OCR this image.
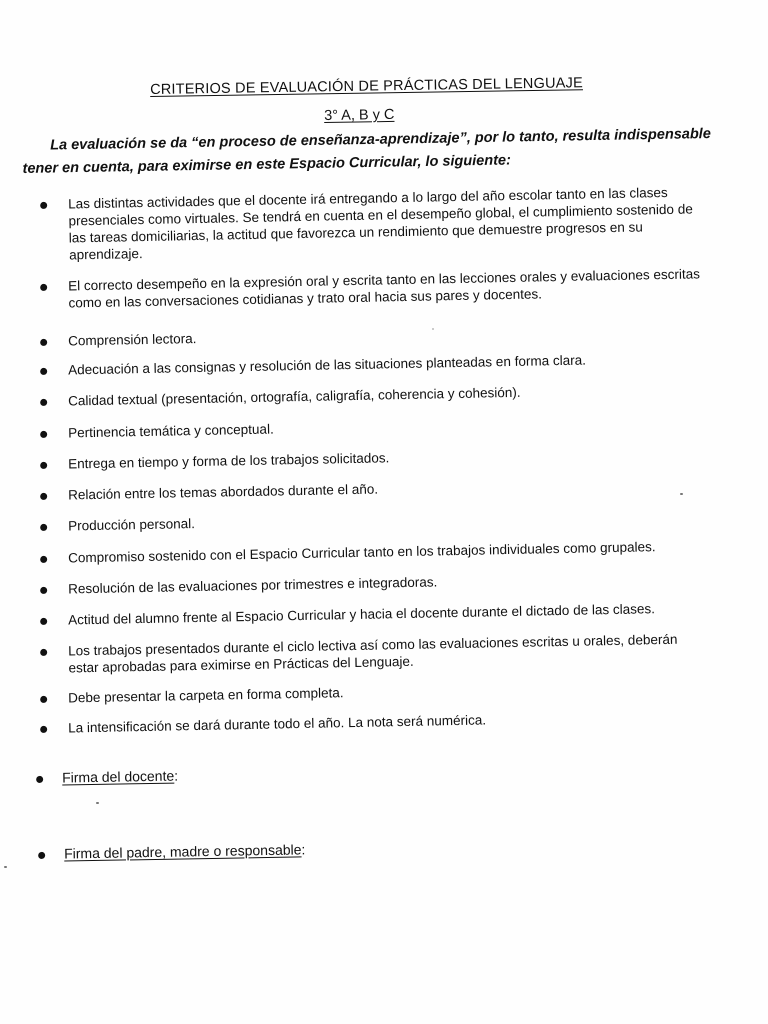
CRITERIOS DE EVALUACIÓN DE PRÁCTICAS DEL LENGUAJE
3° A, B y C
La evaluación se da “en proceso de enseñanza-aprendizaje”, por lo tanto, resulta indispensable tener en cuenta, para eximirse en este Espacio Curricular, lo siguiente:
Las distintas actividades que el docente irá entregando a lo largo del año escolar tanto en las clases presenciales como virtuales. Se tendrá en cuenta en el desempeño global, el cumplimiento sostenido de las tareas domiciliarias, la actitud que favorezca un rendimiento que demuestre progresos en su aprendizaje.
El correcto desempeño en la expresión oral y escrita tanto en las lecciones orales y evaluaciones escritas como en las conversaciones cotidianas y trato oral hacia sus pares y docentes.
Comprensión lectora.
Adecuación a las consignas y resolución de las situaciones planteadas en forma clara.
Calidad textual (presentación, ortografía, caligrafía, coherencia y cohesión).
Pertinencia temática y conceptual.
Entrega en tiempo y forma de los trabajos solicitados.
Relación entre los temas abordados durante el año.
Producción personal.
Compromiso sostenido con el Espacio Curricular tanto en los trabajos individuales como grupales.
Resolución de las evaluaciones por trimestres e integradoras.
Actitud del alumno frente al Espacio Curricular y hacia el docente durante el dictado de las clases.
Los trabajos presentados durante el ciclo lectiva así como las evaluaciones escritas u orales, deberán estar aprobadas para eximirse en Prácticas del Lenguaje.
Debe presentar la carpeta en forma completa.
La intensificación se dará durante todo el año. La nota será numérica.
Firma del docente:
Firma del padre, madre o responsable:
